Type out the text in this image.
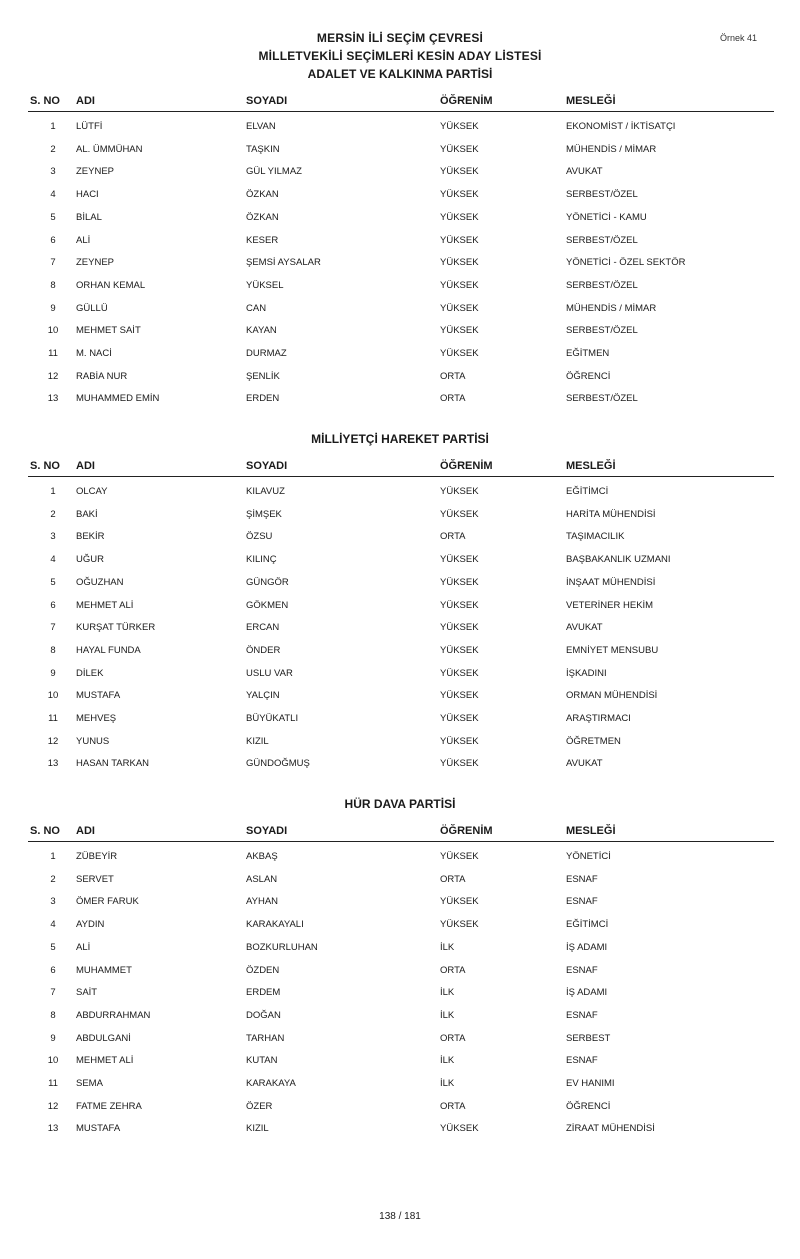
MERSİN İLİ SEÇİM ÇEVRESİ
MİLLETVEKİLİ SEÇİMLERİ KESİN ADAY LİSTESİ
Örnek 41
ADALET VE KALKINMA PARTİSİ
S. NO ADI	SOYADI	ÖĞRENİM	MESLEĞİ
1	LÜTFİ	ELVAN	YÜKSEK	EKONOMİST / İKTİSATÇI
2	AL. ÜMMÜHAN	TAŞKIN	YÜKSEK	MÜHENDİS / MİMAR
3	ZEYNEP	GÜL YILMAZ	YÜKSEK	AVUKAT
4	HACI	ÖZKAN	YÜKSEK	SERBEST/ÖZEL
5	BİLAL	ÖZKAN	YÜKSEK	YÖNETİCİ - KAMU
6	ALİ	KESER	YÜKSEK	SERBEST/ÖZEL
7	ZEYNEP	ŞEMSİ AYSALAR	YÜKSEK	YÖNETİCİ - ÖZEL SEKTÖR
8	ORHAN KEMAL	YÜKSEL	YÜKSEK	SERBEST/ÖZEL
9	GÜLLÜ	CAN	YÜKSEK	MÜHENDİS / MİMAR
10	MEHMET SAİT	KAYAN	YÜKSEK	SERBEST/ÖZEL
11	M. NACİ	DURMAZ	YÜKSEK	EĞİTMEN
12	RABİA NUR	ŞENLİK	ORTA	ÖĞRENCİ
13	MUHAMMED EMİN	ERDEN	ORTA	SERBEST/ÖZEL
MİLLİYETÇİ HAREKET PARTİSİ
S. NO ADI	SOYADI	ÖĞRENİM	MESLEĞİ
1	OLCAY	KILAVUZ	YÜKSEK	EĞİTİMCİ
2	BAKİ	ŞİMŞEK	YÜKSEK	HARİTA MÜHENDİSİ
3	BEKİR	ÖZSU	ORTA	TAŞIMACILIK
4	UĞUR	KILINÇ	YÜKSEK	BAŞBAKANLIK UZMANI
5	OĞUZHAN	GÜNGÖR	YÜKSEK	İNŞAAT MÜHENDİSİ
6	MEHMET ALİ	GÖKMEN	YÜKSEK	VETERİNER HEKİM
7	KURŞAT TÜRKER	ERCAN	YÜKSEK	AVUKAT
8	HAYAL FUNDA	ÖNDER	YÜKSEK	EMNİYET MENSUBU
9	DİLEK	USLU VAR	YÜKSEK	İŞKADINI
10	MUSTAFA	YALÇIN	YÜKSEK	ORMAN MÜHENDİSİ
11	MEHVEŞ	BÜYÜKATLI	YÜKSEK	ARAŞTIRMACI
12	YUNUS	KIZIL	YÜKSEK	ÖĞRETMEN
13	HASAN TARKAN	GÜNDOĞMUŞ	YÜKSEK	AVUKAT
HÜR DAVA PARTİSİ
S. NO ADI	SOYADI	ÖĞRENİM	MESLEĞİ
1	ZÜBEYİR	AKBAŞ	YÜKSEK	YÖNETİCİ
2	SERVET	ASLAN	ORTA	ESNAF
3	ÖMER FARUK	AYHAN	YÜKSEK	ESNAF
4	AYDIN	KARAKAYALI	YÜKSEK	EĞİTİMCİ
5	ALİ	BOZKURLUHAN	İLK	İŞ ADAMI
6	MUHAMMET	ÖZDEN	ORTA	ESNAF
7	SAİT	ERDEM	İLK	İŞ ADAMI
8	ABDURRAHMAN	DOĞAN	İLK	ESNAF
9	ABDULGANİ	TARHAN	ORTA	SERBEST
10	MEHMET ALİ	KUTAN	İLK	ESNAF
11	SEMA	KARAKAYA	İLK	EV HANIMI
12	FATME ZEHRA	ÖZER	ORTA	ÖĞRENCİ
13	MUSTAFA	KIZIL	YÜKSEK	ZİRAAT MÜHENDİSİ
138 / 181
